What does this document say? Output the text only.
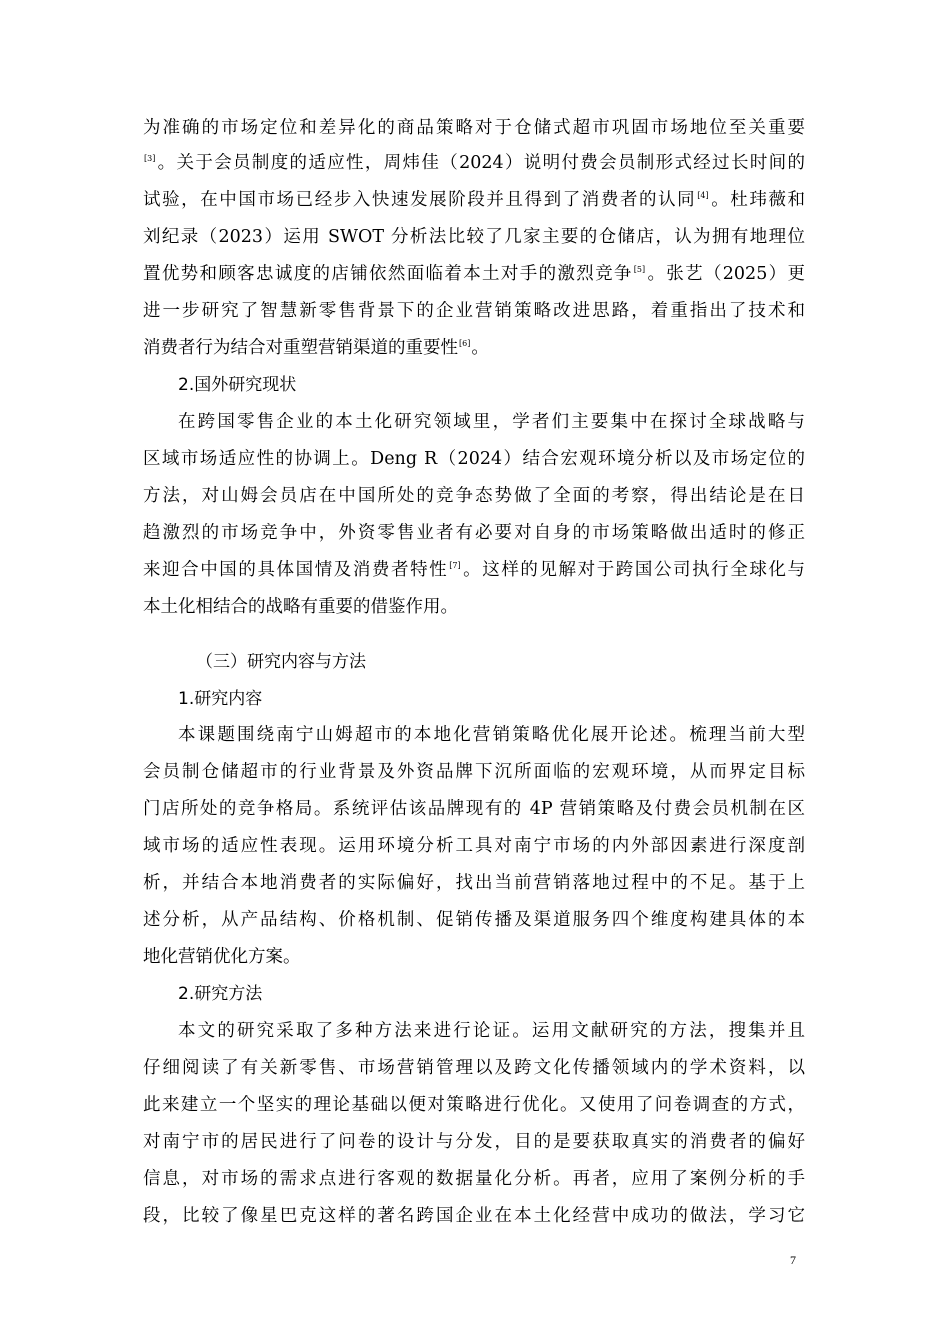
为准确的市场定位和差异化的商品策略对于仓储式超市巩固市场地位至关重要
[3]。关于会员制度的适应性，周炜佳（2024）说明付费会员制形式经过长时间的
试验，在中国市场已经步入快速发展阶段并且得到了消费者的认同[4]。杜玮薇和
刘纪录（2023）运用 SWOT 分析法比较了几家主要的仓储店，认为拥有地理位
置优势和顾客忠诚度的店铺依然面临着本土对手的激烈竞争[5]。张艺（2025）更
进一步研究了智慧新零售背景下的企业营销策略改进思路，着重指出了技术和
消费者行为结合对重塑营销渠道的重要性[6]。
2.国外研究现状
在跨国零售企业的本土化研究领域里，学者们主要集中在探讨全球战略与
区域市场适应性的协调上。Deng R（2024）结合宏观环境分析以及市场定位的
方法，对山姆会员店在中国所处的竞争态势做了全面的考察，得出结论是在日
趋激烈的市场竞争中，外资零售业者有必要对自身的市场策略做出适时的修正
来迎合中国的具体国情及消费者特性[7]。这样的见解对于跨国公司执行全球化与
本土化相结合的战略有重要的借鉴作用。
（三）研究内容与方法
1.研究内容
本课题围绕南宁山姆超市的本地化营销策略优化展开论述。梳理当前大型
会员制仓储超市的行业背景及外资品牌下沉所面临的宏观环境，从而界定目标
门店所处的竞争格局。系统评估该品牌现有的 4P 营销策略及付费会员机制在区
域市场的适应性表现。运用环境分析工具对南宁市场的内外部因素进行深度剖
析，并结合本地消费者的实际偏好，找出当前营销落地过程中的不足。基于上
述分析，从产品结构、价格机制、促销传播及渠道服务四个维度构建具体的本
地化营销优化方案。
2.研究方法
本文的研究采取了多种方法来进行论证。运用文献研究的方法，搜集并且
仔细阅读了有关新零售、市场营销管理以及跨文化传播领域内的学术资料，以
此来建立一个坚实的理论基础以便对策略进行优化。又使用了问卷调查的方式，
对南宁市的居民进行了问卷的设计与分发，目的是要获取真实的消费者的偏好
信息，对市场的需求点进行客观的数据量化分析。再者，应用了案例分析的手
段，比较了像星巴克这样的著名跨国企业在本土化经营中成功的做法，学习它
7
